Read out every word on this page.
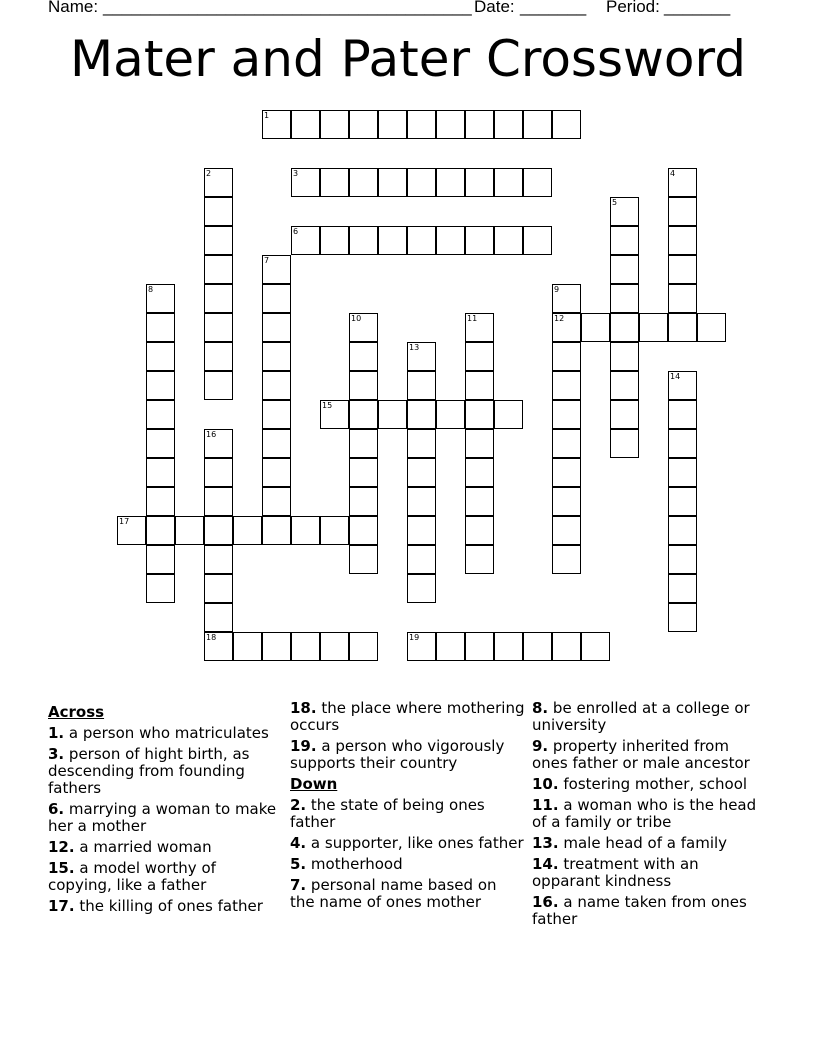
Name: _______________________________________ Date: _______ Period: _______
Mater and Pater Crossword
1
3
6
12
15
17
18	19
2	4
5
7
8	9
10	11
13
14
16
Across
1. a person who matriculates
3. person of hight birth, as descending from founding fathers
6. marrying a woman to make her a mother
12. a married woman
15. a model worthy of copying, like a father
17. the killing of ones father
18. the place where mothering occurs
19. a person who vigorously supports their country
Down
2. the state of being ones father
4. a supporter, like ones father
5. motherhood
7. personal name based on the name of ones mother
8. be enrolled at a college or university
9. property inherited from ones father or male ancestor
10. fostering mother, school
11. a woman who is the head of a family or tribe
13. male head of a family
14. treatment with an opparant kindness
16. a name taken from ones father
